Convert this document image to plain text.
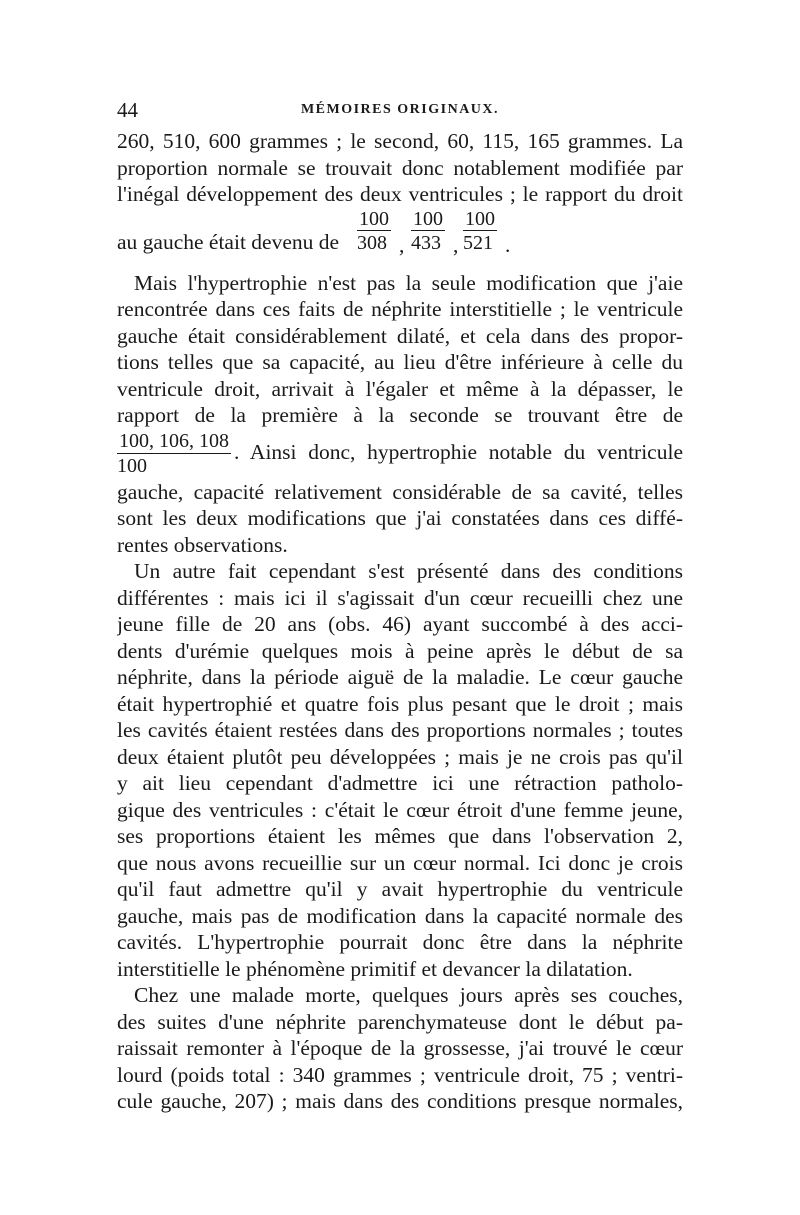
44	MÉMOIRES ORIGINAUX.
260, 510, 600 grammes ; le second, 60, 115, 165 grammes. La
proportion normale se trouvait donc notablement modifiée par
l'inégal développement des deux ventricules ; le rapport du droit
au gauche était devenu de $\frac{100}{308}$ , $\frac{100}{433}$ , $\frac{100}{521}$ .
Mais l'hypertrophie n'est pas la seule modification que j'aie
rencontrée dans ces faits de néphrite interstitielle ; le ventricule
gauche était considérablement dilaté, et cela dans des propor-
tions telles que sa capacité, au lieu d'être inférieure à celle du
ventricule droit, arrivait à l'égaler et même à la dépasser, le
rapport de la première à la seconde se trouvant être de
$\frac{100, 106, 108}{100}$ . Ainsi donc, hypertrophie notable du ventricule
gauche, capacité relativement considérable de sa cavité, telles
sont les deux modifications que j'ai constatées dans ces diffé-
rentes observations.
Un autre fait cependant s'est présenté dans des conditions
différentes : mais ici il s'agissait d'un cœur recueilli chez une
jeune fille de 20 ans (obs. 46) ayant succombé à des acci-
dents d'urémie quelques mois à peine après le début de sa
néphrite, dans la période aiguë de la maladie. Le cœur gauche
était hypertrophié et quatre fois plus pesant que le droit ; mais
les cavités étaient restées dans des proportions normales ; toutes
deux étaient plutôt peu développées ; mais je ne crois pas qu'il
y ait lieu cependant d'admettre ici une rétraction patholo-
gique des ventricules : c'était le cœur étroit d'une femme jeune,
ses proportions étaient les mêmes que dans l'observation 2,
que nous avons recueillie sur un cœur normal. Ici donc je crois
qu'il faut admettre qu'il y avait hypertrophie du ventricule
gauche, mais pas de modification dans la capacité normale des
cavités. L'hypertrophie pourrait donc être dans la néphrite
interstitielle le phénomène primitif et devancer la dilatation.
Chez une malade morte, quelques jours après ses couches,
des suites d'une néphrite parenchymateuse dont le début pa-
raissait remonter à l'époque de la grossesse, j'ai trouvé le cœur
lourd (poids total : 340 grammes ; ventricule droit, 75 ; ventri-
cule gauche, 207) ; mais dans des conditions presque normales,
